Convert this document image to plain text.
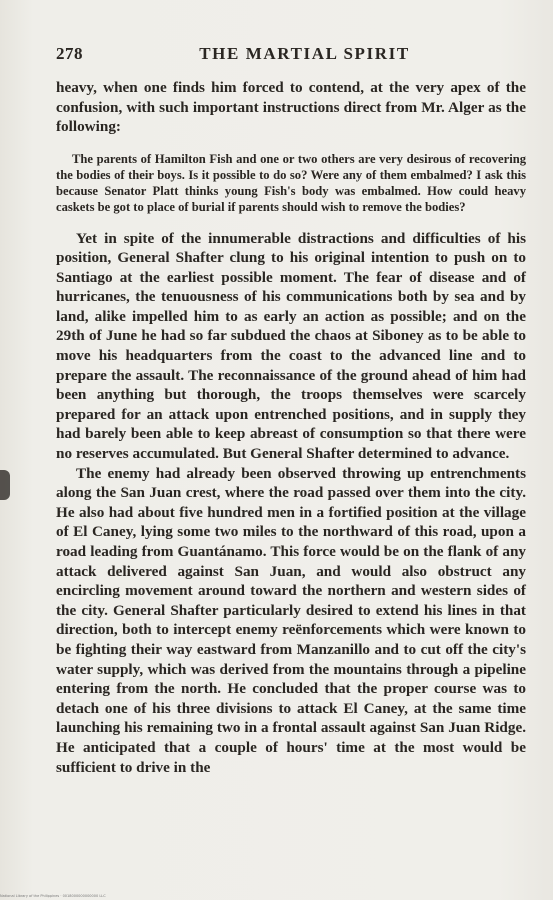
278	THE MARTIAL SPIRIT

heavy, when one finds him forced to contend, at the very apex of the confusion, with such important instructions direct from Mr. Alger as the following:

The parents of Hamilton Fish and one or two others are very desirous of recovering the bodies of their boys. Is it possible to do so? Were any of them embalmed? I ask this because Senator Platt thinks young Fish's body was embalmed. How could heavy caskets be got to place of burial if parents should wish to remove the bodies?

Yet in spite of the innumerable distractions and difficulties of his position, General Shafter clung to his original intention to push on to Santiago at the earliest possible moment. The fear of disease and of hurricanes, the tenuousness of his communications both by sea and by land, alike impelled him to as early an action as possible; and on the 29th of June he had so far subdued the chaos at Siboney as to be able to move his headquarters from the coast to the advanced line and to prepare the assault. The reconnaissance of the ground ahead of him had been anything but thorough, the troops themselves were scarcely prepared for an attack upon entrenched positions, and in supply they had barely been able to keep abreast of consumption so that there were no reserves accumulated. But General Shafter determined to advance.

The enemy had already been observed throwing up entrenchments along the San Juan crest, where the road passed over them into the city. He also had about five hundred men in a fortified position at the village of El Caney, lying some two miles to the northward of this road, upon a road leading from Guantánamo. This force would be on the flank of any attack delivered against San Juan, and would also obstruct any encircling movement around toward the northern and western sides of the city. General Shafter particularly desired to extend his lines in that direction, both to intercept enemy reënforcements which were known to be fighting their way eastward from Manzanillo and to cut off the city's water supply, which was derived from the mountains through a pipeline entering from the north. He concluded that the proper course was to detach one of his three divisions to attack El Caney, at the same time launching his remaining two in a frontal assault against San Juan Ridge. He anticipated that a couple of hours' time at the most would be sufficient to drive in the

National Library of the Philippines · 0018000000000000 LLC
